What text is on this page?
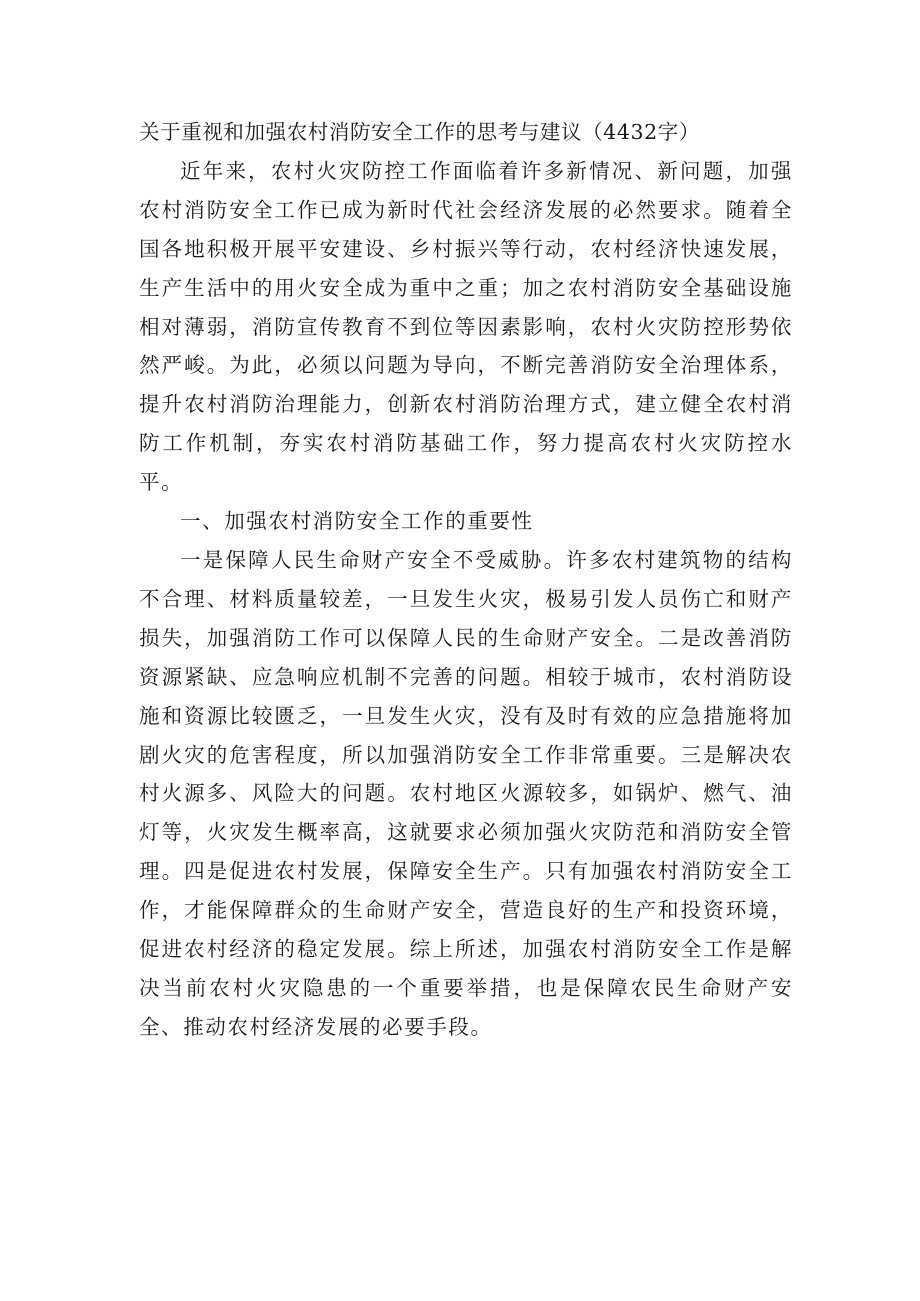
关于重视和加强农村消防安全工作的思考与建议（4432字）

近年来，农村火灾防控工作面临着许多新情况、新问题，加强农村消防安全工作已成为新时代社会经济发展的必然要求。随着全国各地积极开展平安建设、乡村振兴等行动，农村经济快速发展，生产生活中的用火安全成为重中之重；加之农村消防安全基础设施相对薄弱，消防宣传教育不到位等因素影响，农村火灾防控形势依然严峻。为此，必须以问题为导向，不断完善消防安全治理体系，提升农村消防治理能力，创新农村消防治理方式，建立健全农村消防工作机制，夯实农村消防基础工作，努力提高农村火灾防控水平。

一、加强农村消防安全工作的重要性

一是保障人民生命财产安全不受威胁。许多农村建筑物的结构不合理、材料质量较差，一旦发生火灾，极易引发人员伤亡和财产损失，加强消防工作可以保障人民的生命财产安全。二是改善消防资源紧缺、应急响应机制不完善的问题。相较于城市，农村消防设施和资源比较匮乏，一旦发生火灾，没有及时有效的应急措施将加剧火灾的危害程度，所以加强消防安全工作非常重要。三是解决农村火源多、风险大的问题。农村地区火源较多，如锅炉、燃气、油灯等，火灾发生概率高，这就要求必须加强火灾防范和消防安全管理。四是促进农村发展，保障安全生产。只有加强农村消防安全工作，才能保障群众的生命财产安全，营造良好的生产和投资环境，促进农村经济的稳定发展。综上所述，加强农村消防安全工作是解决当前农村火灾隐患的一个重要举措，也是保障农民生命财产安全、推动农村经济发展的必要手段。
